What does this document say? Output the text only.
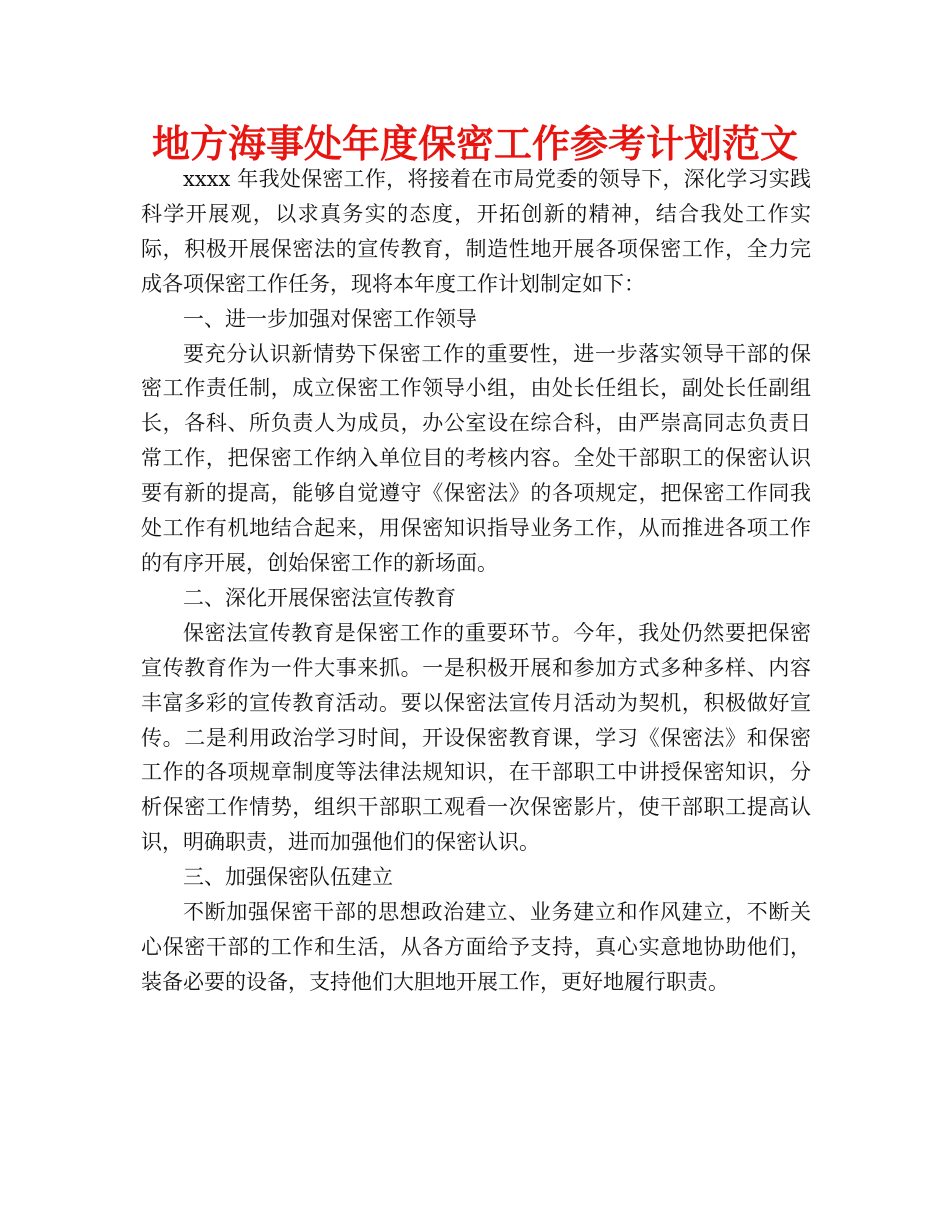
地方海事处年度保密工作参考计划范文

xxxx 年我处保密工作，将接着在市局党委的领导下，深化学习实践科学开展观，以求真务实的态度，开拓创新的精神，结合我处工作实际，积极开展保密法的宣传教育，制造性地开展各项保密工作，全力完成各项保密工作任务，现将本年度工作计划制定如下：

一、进一步加强对保密工作领导

要充分认识新情势下保密工作的重要性，进一步落实领导干部的保密工作责任制，成立保密工作领导小组，由处长任组长，副处长任副组长，各科、所负责人为成员，办公室设在综合科，由严崇高同志负责日常工作，把保密工作纳入单位目的考核内容。全处干部职工的保密认识要有新的提高，能够自觉遵守《保密法》的各项规定，把保密工作同我处工作有机地结合起来，用保密知识指导业务工作，从而推进各项工作的有序开展，创始保密工作的新场面。

二、深化开展保密法宣传教育

保密法宣传教育是保密工作的重要环节。今年，我处仍然要把保密宣传教育作为一件大事来抓。一是积极开展和参加方式多种多样、内容丰富多彩的宣传教育活动。要以保密法宣传月活动为契机，积极做好宣传。二是利用政治学习时间，开设保密教育课，学习《保密法》和保密工作的各项规章制度等法律法规知识，在干部职工中讲授保密知识，分析保密工作情势，组织干部职工观看一次保密影片，使干部职工提高认识，明确职责，进而加强他们的保密认识。

三、加强保密队伍建立

不断加强保密干部的思想政治建立、业务建立和作风建立，不断关心保密干部的工作和生活，从各方面给予支持，真心实意地协助他们，装备必要的设备，支持他们大胆地开展工作，更好地履行职责。
